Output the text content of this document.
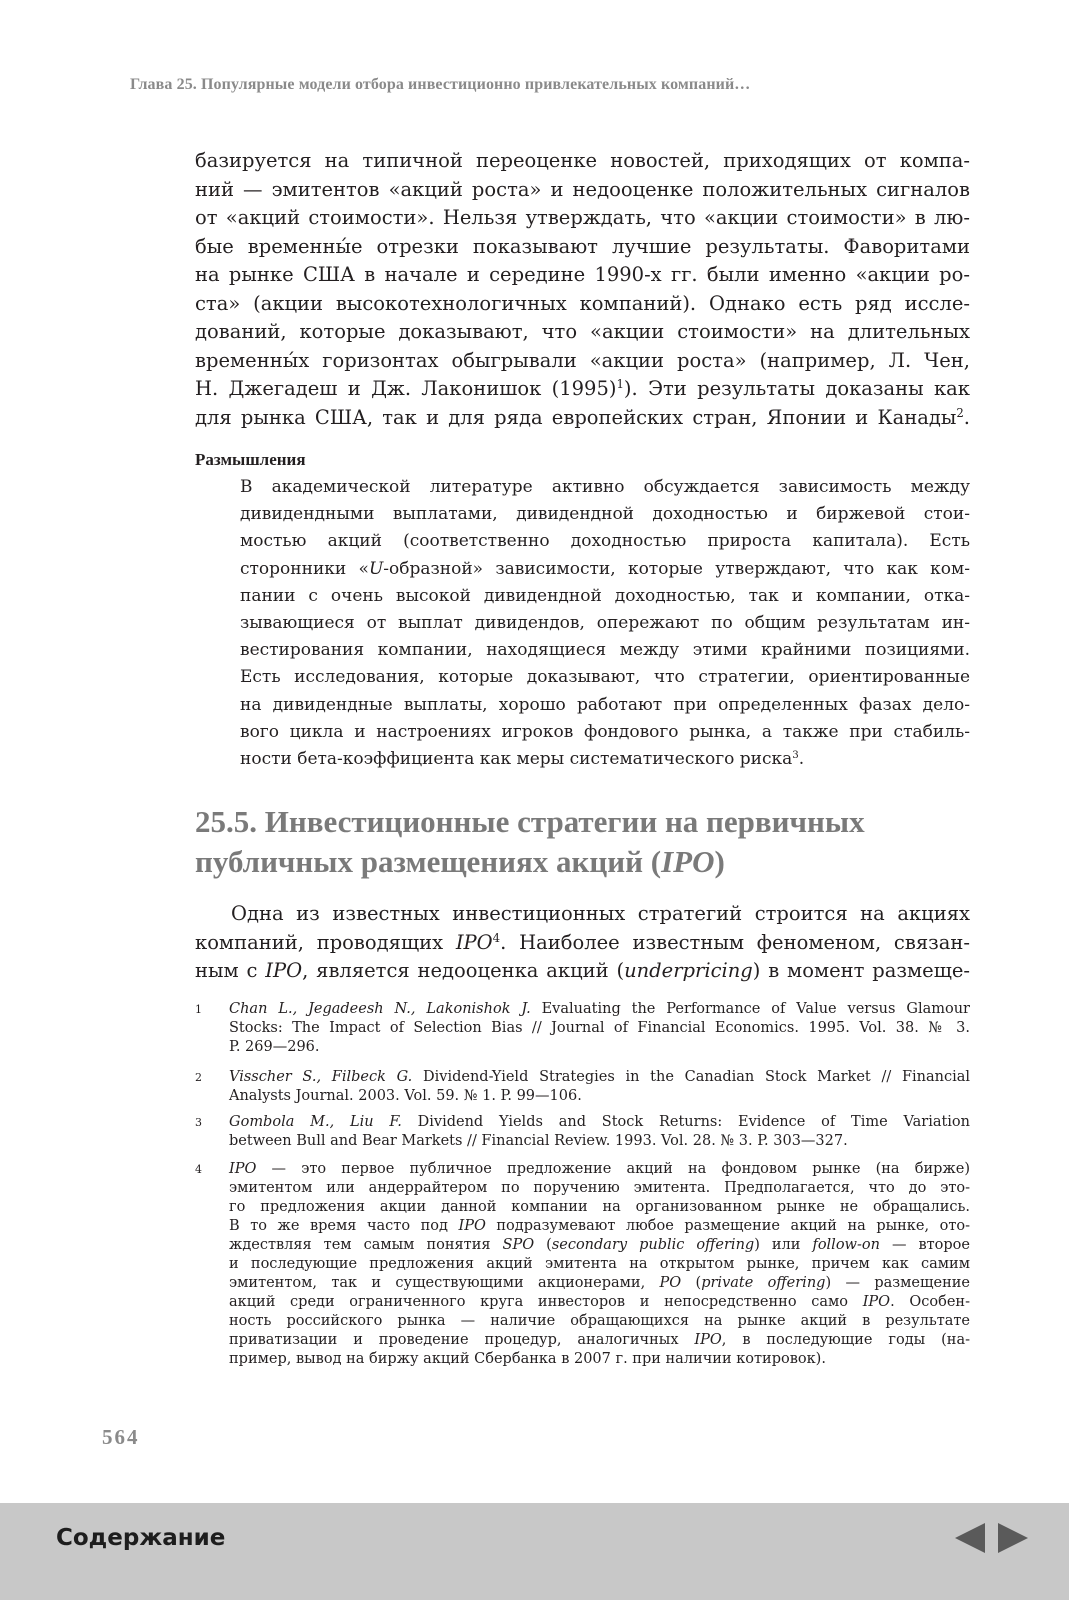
Глава 25. Популярные модели отбора инвестиционно привлекательных компаний…
базируется на типичной переоценке новостей, приходящих от компа-
ний — эмитентов «акций роста» и недооценке положительных сигналов
от «акций стоимости». Нельзя утверждать, что «акции стоимости» в лю-
бые временны́е отрезки показывают лучшие результаты. Фаворитами
на рынке США в начале и середине 1990-х гг. были именно «акции ро-
ста» (акции высокотехнологичных компаний). Однако есть ряд иссле-
дований, которые доказывают, что «акции стоимости» на длительных
временны́х горизонтах обыгрывали «акции роста» (например, Л. Чен,
Н. Джегадеш и Дж. Лаконишок $(1995)^1$). Эти результаты доказаны как
для рынка США, так и для ряда европейских стран, Японии и Канады$^2$.
Размышления
В академической литературе активно обсуждается зависимость между
дивидендными выплатами, дивидендной доходностью и биржевой стои-
мостью акций (соответственно доходностью прироста капитала). Есть
сторонники «U-образной» зависимости, которые утверждают, что как ком-
пании с очень высокой дивидендной доходностью, так и компании, отка-
зывающиеся от выплат дивидендов, опережают по общим результатам ин-
вестирования компании, находящиеся между этими крайними позициями.
Есть исследования, которые доказывают, что стратегии, ориентированные
на дивидендные выплаты, хорошо работают при определенных фазах дело-
вого цикла и настроениях игроков фондового рынка, а также при стабиль-
ности бета-коэффициента как меры систематического риска$^3$.
25.5. Инвестиционные стратегии на первичных
публичных размещениях акций (IPO)
Одна из известных инвестиционных стратегий строится на акциях
компаний, проводящих IPO$^4$. Наиболее известным феноменом, связан-
ным с IPO, является недооценка акций (underpricing) в момент размеще-
1 Chan L., Jegadeesh N., Lakonishok J. Evaluating the Performance of Value versus Glamour
Stocks: The Impact of Selection Bias // Journal of Financial Economics. 1995. Vol. 38. № 3.
P. 269—296.
2 Visscher S., Filbeck G. Dividend-Yield Strategies in the Canadian Stock Market // Financial
Analysts Journal. 2003. Vol. 59. № 1. P. 99—106.
3 Gombola M., Liu F. Dividend Yields and Stock Returns: Evidence of Time Variation
between Bull and Bear Markets // Financial Review. 1993. Vol. 28. № 3. P. 303—327.
4 IPO — это первое публичное предложение акций на фондовом рынке (на бирже)
эмитентом или андеррайтером по поручению эмитента. Предполагается, что до это-
го предложения акции данной компании на организованном рынке не обращались.
В то же время часто под IPO подразумевают любое размещение акций на рынке, ото-
ждествляя тем самым понятия SPO (secondary public offering) или follow-on — второе
и последующие предложения акций эмитента на открытом рынке, причем как самим
эмитентом, так и существующими акционерами, PO (private offering) — размещение
акций среди ограниченного круга инвесторов и непосредственно само IPO. Особен-
ность российского рынка — наличие обращающихся на рынке акций в результате
приватизации и проведение процедур, аналогичных IPO, в последующие годы (на-
пример, вывод на биржу акций Сбербанка в 2007 г. при наличии котировок).
564
Содержание
